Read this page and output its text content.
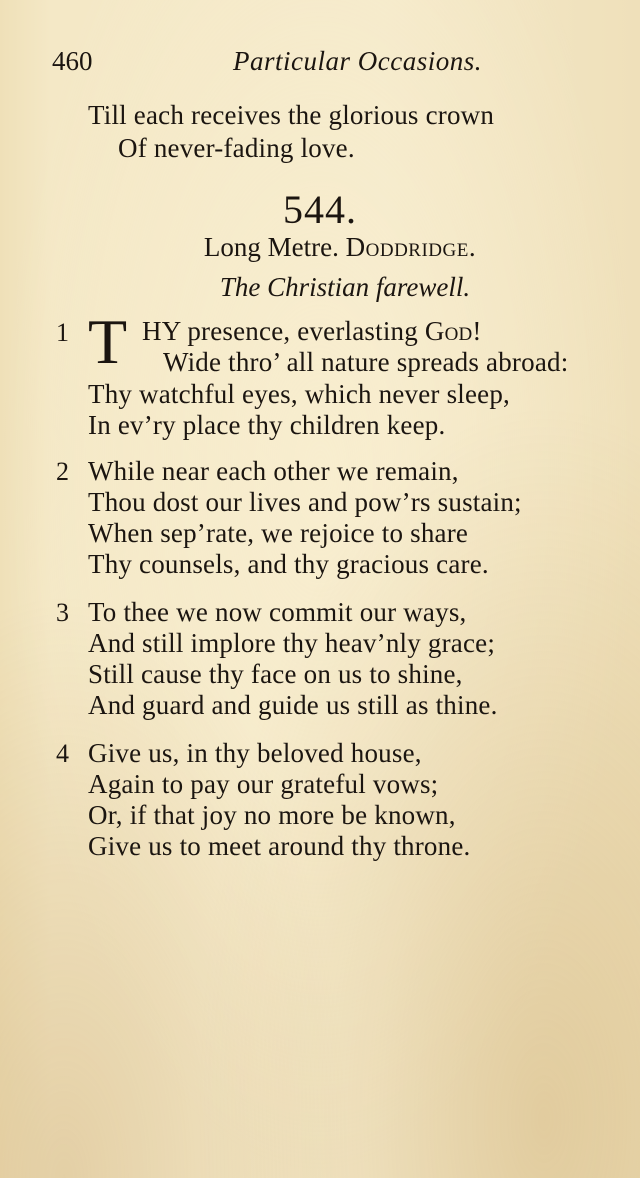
460	Particular Occasions.
Till each receives the glorious crown
Of never-fading love.
544.
Long Metre. Doddridge.
The Christian farewell.
1 T HY presence, everlasting God!
Wide thro’ all nature spreads abroad:
Thy watchful eyes, which never sleep,
In ev’ry place thy children keep.
2 While near each other we remain,
Thou dost our lives and pow’rs sustain;
When sep’rate, we rejoice to share
Thy counsels, and thy gracious care.
3 To thee we now commit our ways,
And still implore thy heav’nly grace;
Still cause thy face on us to shine,
And guard and guide us still as thine.
4 Give us, in thy beloved house,
Again to pay our grateful vows;
Or, if that joy no more be known,
Give us to meet around thy throne.
